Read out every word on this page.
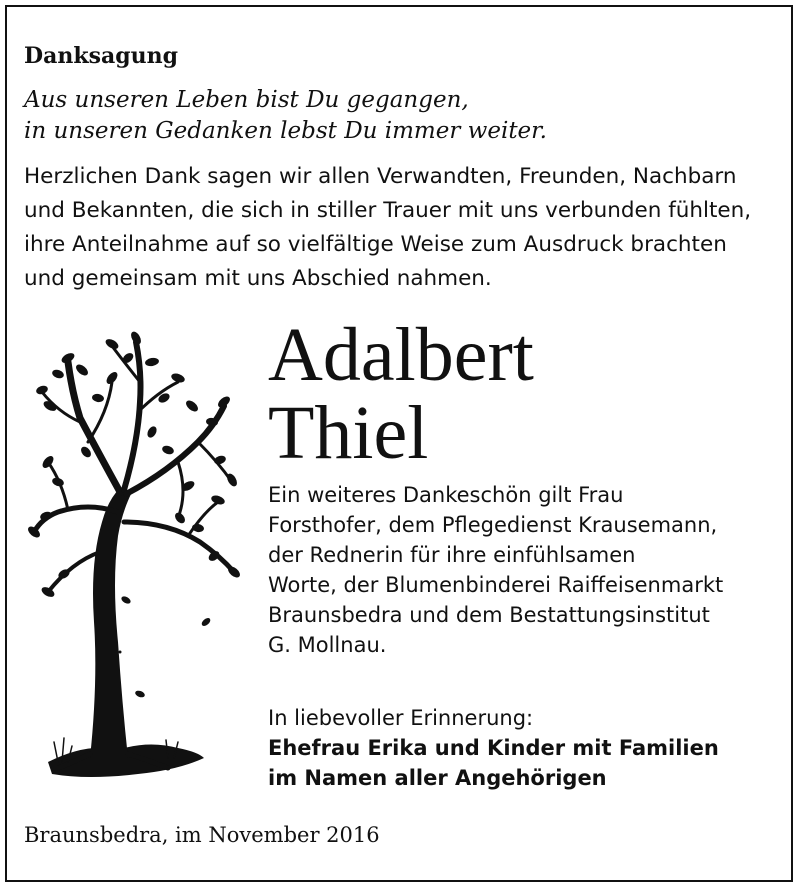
Danksagung
Aus unseren Leben bist Du gegangen,
in unseren Gedanken lebst Du immer weiter.
Herzlichen Dank sagen wir allen Verwandten, Freunden, Nachbarn
und Bekannten, die sich in stiller Trauer mit uns verbunden fühlten,
ihre Anteilnahme auf so vielfältige Weise zum Ausdruck brachten
und gemeinsam mit uns Abschied nahmen.
Adalbert
Thiel
Ein weiteres Dankeschön gilt Frau
Forsthofer, dem Pflegedienst Krausemann,
der Rednerin für ihre einfühlsamen
Worte, der Blumenbinderei Raiffeisenmarkt
Braunsbedra und dem Bestattungsinstitut
G. Mollnau.
In liebevoller Erinnerung:
Ehefrau Erika und Kinder mit Familien
im Namen aller Angehörigen
Braunsbedra, im November 2016
